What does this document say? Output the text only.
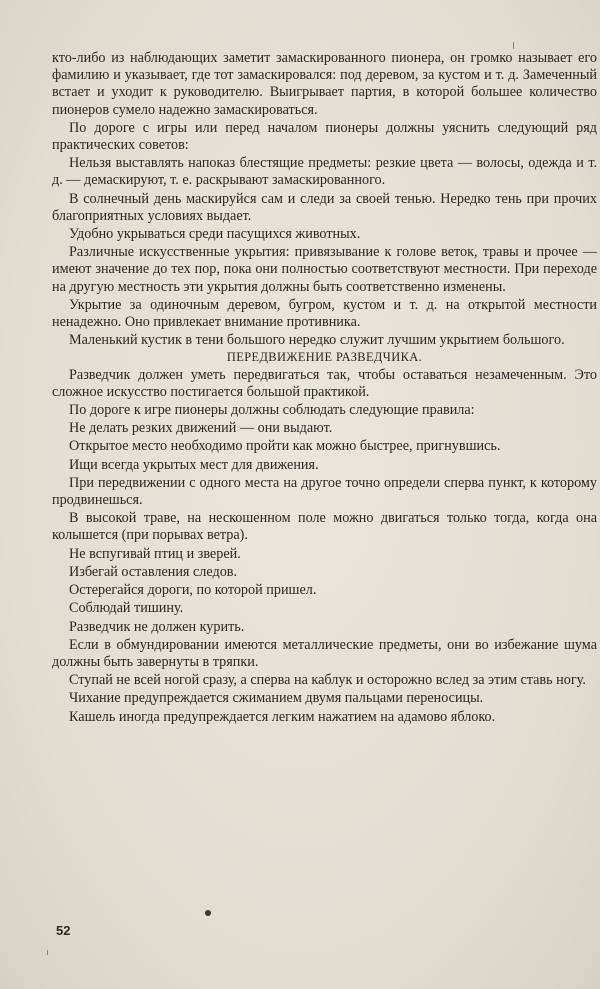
кто-либо из наблюдающих заметит замаскированного пионера, он громко называет его фамилию и указывает, где тот замаскировался: под деревом, за кустом и т. д. Замеченный встает и уходит к руководителю. Выигрывает партия, в которой большее количество пионеров сумело надежно замаскироваться.

По дороге с игры или перед началом пионеры должны уяснить следующий ряд практических советов:

Нельзя выставлять напоказ блестящие предметы: резкие цвета — волосы, одежда и т. д. — демаскируют, т. е. раскрывают замаскированного.

В солнечный день маскируйся сам и следи за своей тенью. Нередко тень при прочих благоприятных условиях выдает.

Удобно укрываться среди пасущихся животных.

Различные искусственные укрытия: привязывание к голове веток, травы и прочее — имеют значение до тех пор, пока они полностью соответствуют местности. При переходе на другую местность эти укрытия должны быть соответственно изменены.

Укрытие за одиночным деревом, бугром, кустом и т. д. на открытой местности ненадежно. Оно привлекает внимание противника.

Маленький кустик в тени большого нередко служит лучшим укрытием большого.

ПЕРЕДВИЖЕНИЕ РАЗВЕДЧИКА.

Разведчик должен уметь передвигаться так, чтобы оставаться незамеченным. Это сложное искусство постигается большой практикой.

По дороге к игре пионеры должны соблюдать следующие правила:

Не делать резких движений — они выдают.

Открытое место необходимо пройти как можно быстрее, пригнувшись.

Ищи всегда укрытых мест для движения.

При передвижении с одного места на другое точно определи сперва пункт, к которому продвинешься.

В высокой траве, на нескошенном поле можно двигаться только тогда, когда она колышется (при порывах ветра).

Не вспугивай птиц и зверей.

Избегай оставления следов.

Остерегайся дороги, по которой пришел.

Соблюдай тишину.

Разведчик не должен курить.

Если в обмундировании имеются металлические предметы, они во избежание шума должны быть завернуты в тряпки.

Ступай не всей ногой сразу, а сперва на каблук и осторожно вслед за этим ставь ногу.

Чихание предупреждается сжиманием двумя пальцами переносицы.

Кашель иногда предупреждается легким нажатием на адамово яблоко.

52
